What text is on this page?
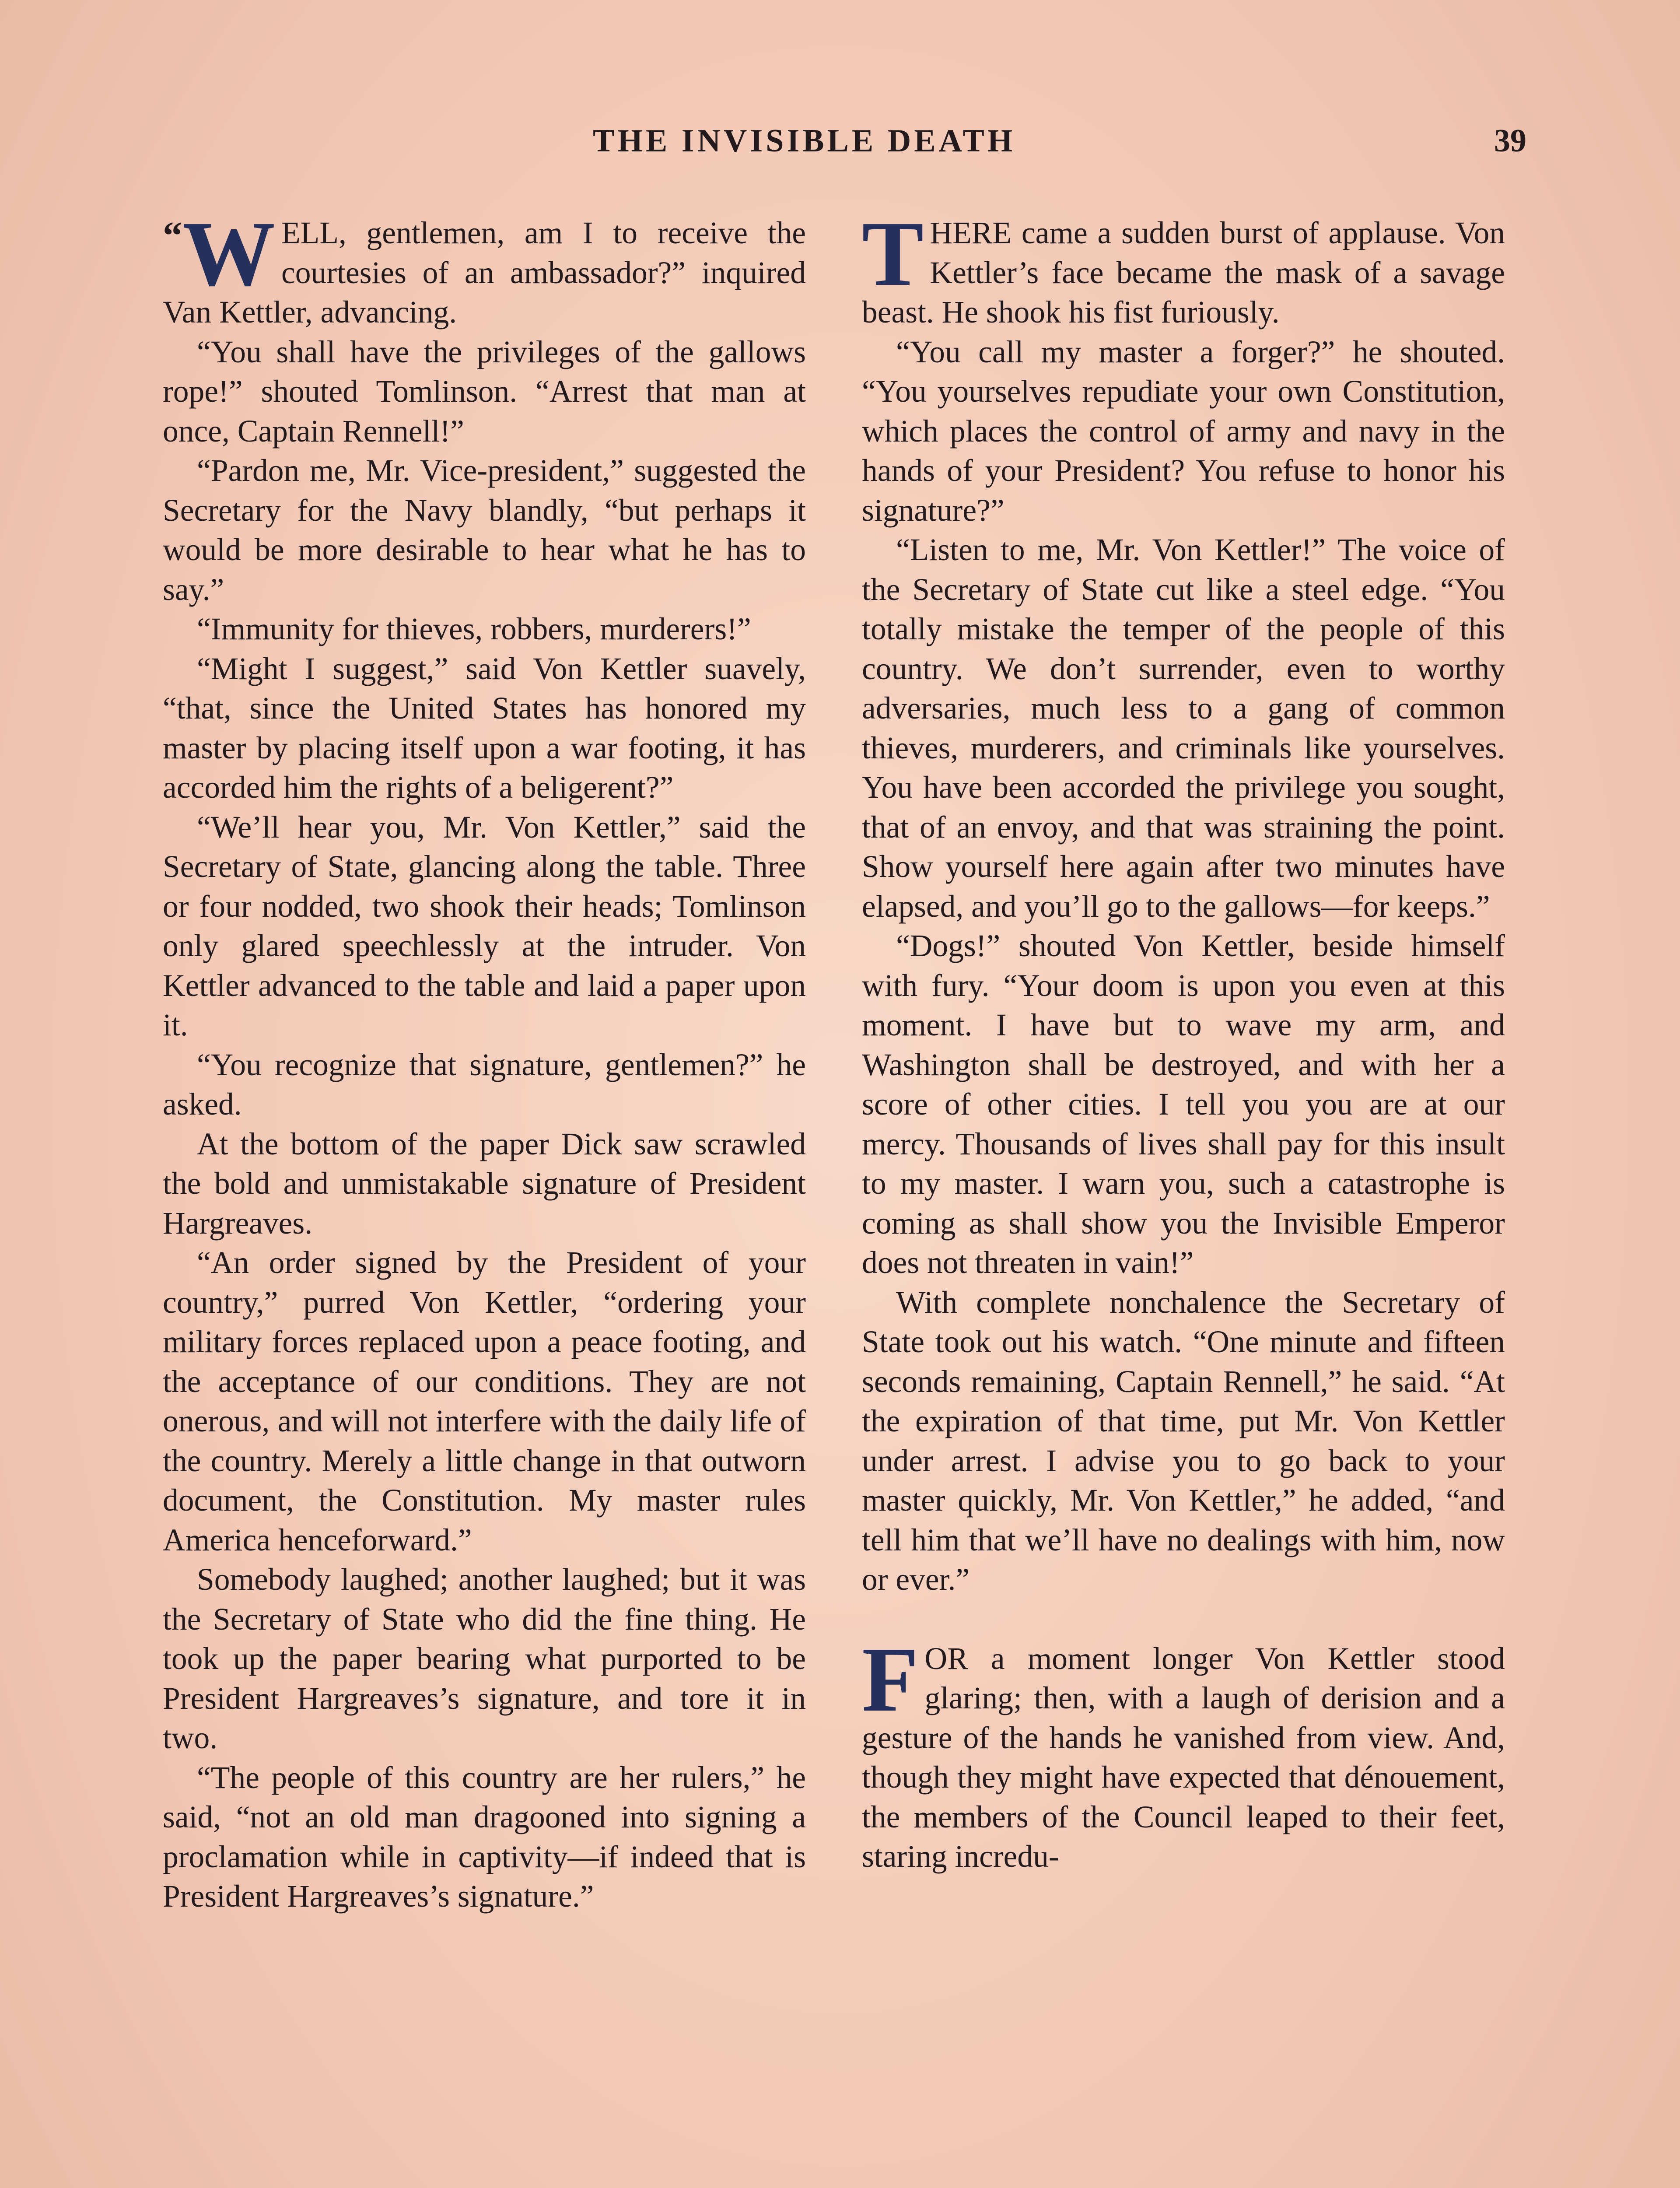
THE INVISIBLE DEATH	39

“W ELL, gentlemen, am I to receive the courtesies of an ambassador?” inquired Van Kettler, advancing.

“You shall have the privileges of the gallows rope!” shouted Tomlinson. “Arrest that man at once, Captain Rennell!”

“Pardon me, Mr. Vice-president,” suggested the Secretary for the Navy blandly, “but perhaps it would be more desirable to hear what he has to say.”

“Immunity for thieves, robbers, murderers!”

“Might I suggest,” said Von Kettler suavely, “that, since the United States has honored my master by placing itself upon a war footing, it has accorded him the rights of a beligerent?”

“We’ll hear you, Mr. Von Kettler,” said the Secretary of State, glancing along the table. Three or four nodded, two shook their heads; Tomlinson only glared speechlessly at the intruder. Von Kettler advanced to the table and laid a paper upon it.

“You recognize that signature, gentlemen?” he asked.

At the bottom of the paper Dick saw scrawled the bold and unmistakable signature of President Hargreaves.

“An order signed by the President of your country,” purred Von Kettler, “ordering your military forces replaced upon a peace footing, and the acceptance of our conditions. They are not onerous, and will not interfere with the daily life of the country. Merely a little change in that outworn document, the Constitution. My master rules America henceforward.”

Somebody laughed; another laughed; but it was the Secretary of State who did the fine thing. He took up the paper bearing what purported to be President Hargreaves’s signature, and tore it in two.

“The people of this country are her rulers,” he said, “not an old man dragooned into signing a proclamation while in captivity—if indeed that is President Hargreaves’s signature.”

THERE came a sudden burst of applause. Von Kettler’s face became the mask of a savage beast. He shook his fist furiously.

“You call my master a forger?” he shouted. “You yourselves repudiate your own Constitution, which places the control of army and navy in the hands of your President? You refuse to honor his signature?”

“Listen to me, Mr. Von Kettler!” The voice of the Secretary of State cut like a steel edge. “You totally mistake the temper of the people of this country. We don’t surrender, even to worthy adversaries, much less to a gang of common thieves, murderers, and criminals like yourselves. You have been accorded the privilege you sought, that of an envoy, and that was straining the point. Show yourself here again after two minutes have elapsed, and you’ll go to the gallows—for keeps.”

“Dogs!” shouted Von Kettler, beside himself with fury. “Your doom is upon you even at this moment. I have but to wave my arm, and Washington shall be destroyed, and with her a score of other cities. I tell you you are at our mercy. Thousands of lives shall pay for this insult to my master. I warn you, such a catastrophe is coming as shall show you the Invisible Emperor does not threaten in vain!”

With complete nonchalence the Secretary of State took out his watch. “One minute and fifteen seconds remaining, Captain Rennell,” he said. “At the expiration of that time, put Mr. Von Kettler under arrest. I advise you to go back to your master quickly, Mr. Von Kettler,” he added, “and tell him that we’ll have no dealings with him, now or ever.”

FOR a moment longer Von Kettler stood glaring; then, with a laugh of derision and a gesture of the hands he vanished from view. And, though they might have expected that dénouement, the members of the Council leaped to their feet, staring incredu-
